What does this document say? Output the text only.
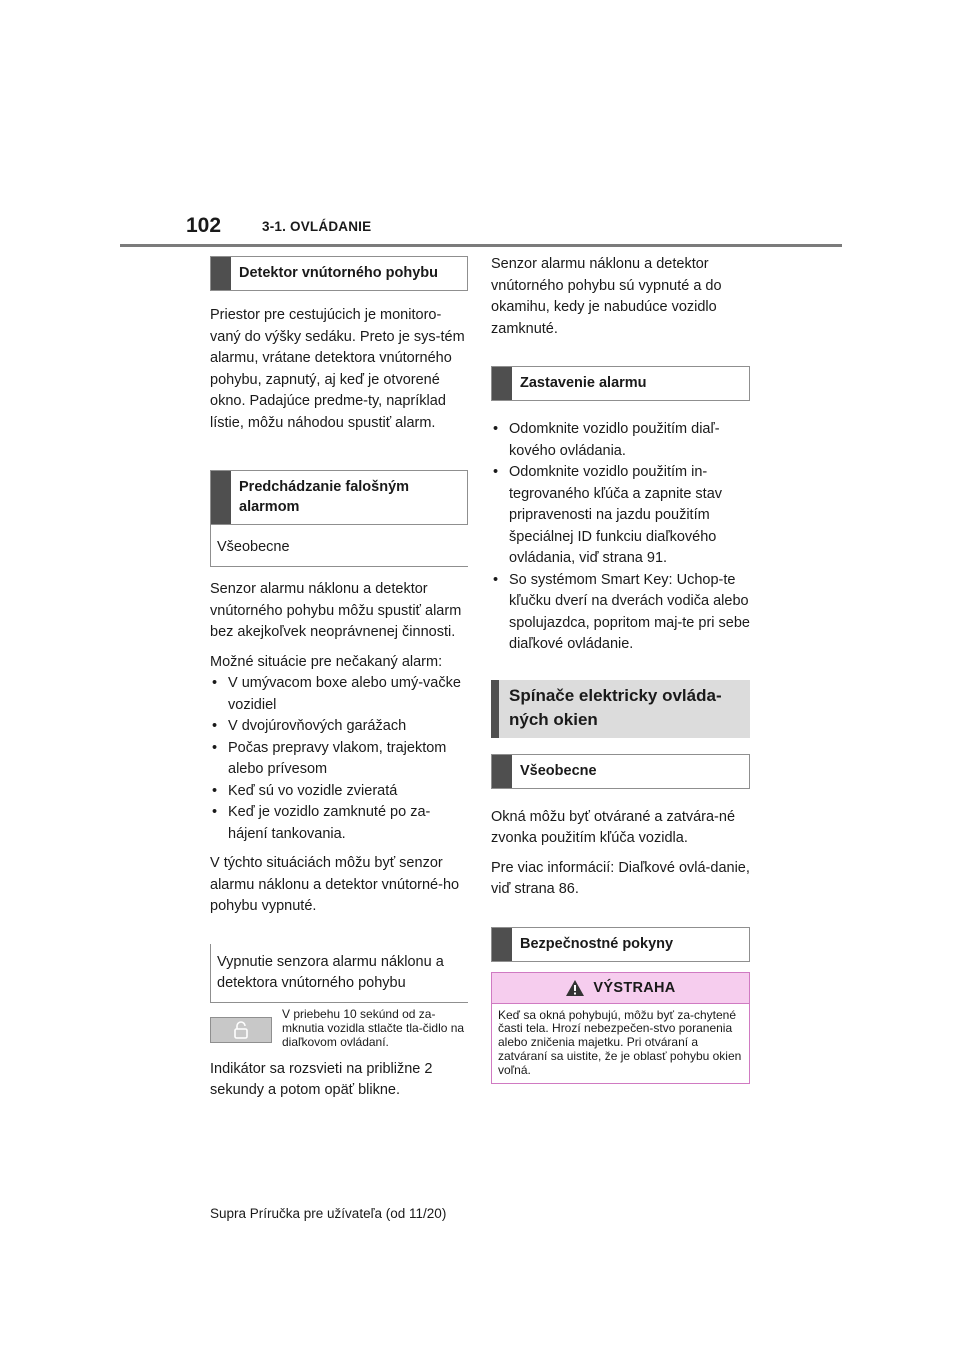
102	3-1. OVLÁDANIE
Detektor vnútorného pohybu

Priestor pre cestujúcich je monitoro-vaný do výšky sedáku. Preto je sys-tém alarmu, vrátane detektora vnútorného pohybu, zapnutý, aj keď je otvorené okno. Padajúce predme-ty, napríklad lístie, môžu náhodou spustiť alarm.

Predchádzanie falošným alarmom
Všeobecne

Senzor alarmu náklonu a detektor vnútorného pohybu môžu spustiť alarm bez akejkoľvek neoprávnenej činnosti.

Možné situácie pre nečakaný alarm:

• V umývacom boxe alebo umý-vačke vozidiel
• V dvojúrovňových garážach
• Počas prepravy vlakom, trajektom alebo prívesom
• Keď sú vo vozidle zvieratá
• Keď je vozidlo zamknuté po za-hájení tankovania.

V týchto situáciách môžu byť senzor alarmu náklonu a detektor vnútorné-ho pohybu vypnuté.

Vypnutie senzora alarmu náklonu a detektora vnútorného pohybu
V priebehu 10 sekúnd od za-mknutia vozidla stlačte tla-čidlo na diaľkovom ovládaní.

Indikátor sa rozsvieti na približne 2 sekundy a potom opäť blikne.

Senzor alarmu náklonu a detektor vnútorného pohybu sú vypnuté a do okamihu, kedy je nabudúce vozidlo zamknuté.

Zastavenie alarmu
• Odomknite vozidlo použitím diaľ-kového ovládania.
• Odomknite vozidlo použitím in-tegrovaného kľúča a zapnite stav pripravenosti na jazdu použitím špeciálnej ID funkciu diaľkového ovládania, viď strana 91.
• So systémom Smart Key: Uchop-te kľučku dverí na dverách vodiča alebo spolujazdca, popritom maj-te pri sebe diaľkové ovládanie.
Spínače elektricky ovláda-ných okien
Všeobecne

Okná môžu byť otvárané a zatvára-né zvonka použitím kľúča vozidla.

Pre viac informácií: Diaľkové ovlá-danie, viď strana 86.

Bezpečnostné pokyny
VÝSTRAHA
Keď sa okná pohybujú, môžu byť za-chytené časti tela. Hrozí nebezpečen-stvo poranenia alebo zničenia majetku. Pri otváraní a zatváraní sa uistite, že je oblasť pohybu okien voľná.
Supra Príručka pre užívateľa (od 11/20)
